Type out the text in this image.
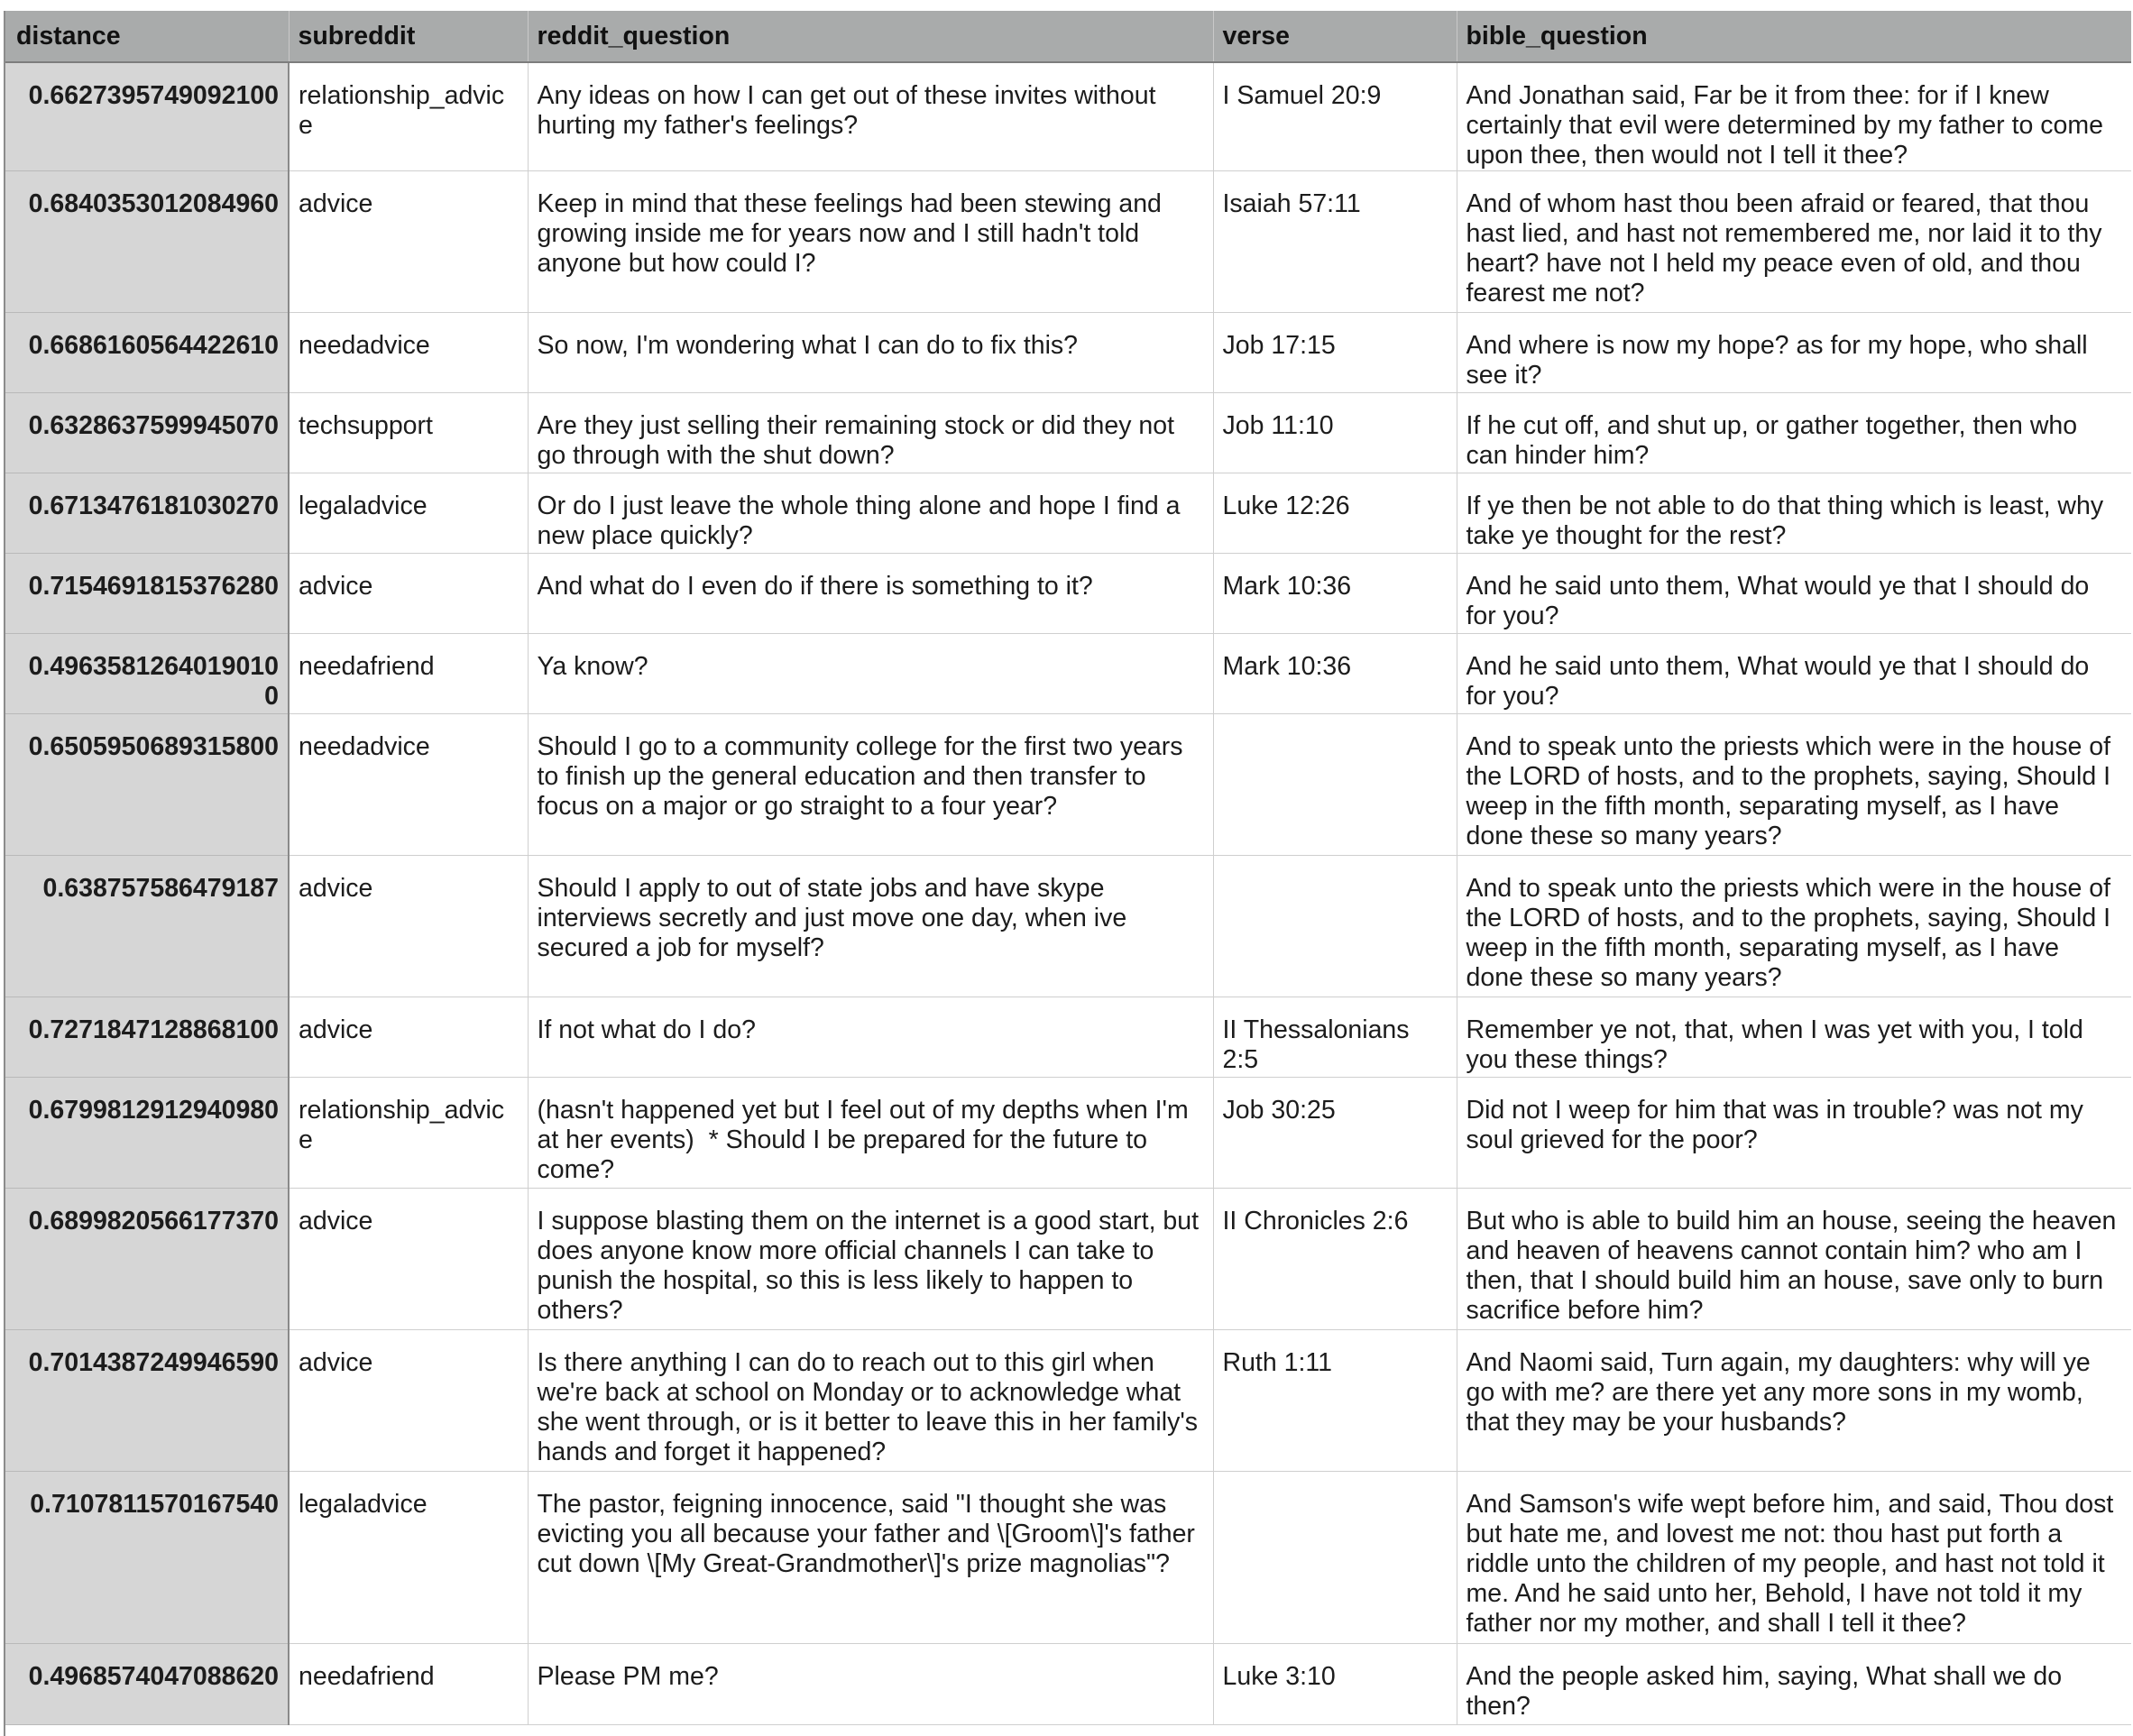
distance	subreddit	reddit_question	verse	bible_question
0.6627395749092100	relationship_advice	Any ideas on how I can get out of these invites without hurting my father's feelings?	I Samuel 20:9	And Jonathan said, Far be it from thee: for if I knew certainly that evil were determined by my father to come upon thee, then would not I tell it thee?
0.6840353012084960	advice	Keep in mind that these feelings had been stewing and growing inside me for years now and I still hadn't told anyone but how could I?	Isaiah 57:11	And of whom hast thou been afraid or feared, that thou hast lied, and hast not remembered me, nor laid it to thy heart? have not I held my peace even of old, and thou fearest me not?
0.6686160564422610	needadvice	So now, I'm wondering what I can do to fix this?	Job 17:15	And where is now my hope? as for my hope, who shall see it?
0.6328637599945070	techsupport	Are they just selling their remaining stock or did they not go through with the shut down?	Job 11:10	If he cut off, and shut up, or gather together, then who can hinder him?
0.6713476181030270	legaladvice	Or do I just leave the whole thing alone and hope I find a new place quickly?	Luke 12:26	If ye then be not able to do that thing which is least, why take ye thought for the rest?
0.7154691815376280	advice	And what do I even do if there is something to it?	Mark 10:36	And he said unto them, What would ye that I should do for you?
0.49635812640190100	needafriend	Ya know?	Mark 10:36	And he said unto them, What would ye that I should do for you?
0.6505950689315800	needadvice	Should I go to a community college for the first two years to finish up the general education and then transfer to focus on a major or go straight to a four year?		And to speak unto the priests which were in the house of the LORD of hosts, and to the prophets, saying, Should I weep in the fifth month, separating myself, as I have done these so many years?
0.638757586479187	advice	Should I apply to out of state jobs and have skype interviews secretly and just move one day, when ive secured a job for myself?		And to speak unto the priests which were in the house of the LORD of hosts, and to the prophets, saying, Should I weep in the fifth month, separating myself, as I have done these so many years?
0.7271847128868100	advice	If not what do I do?	II Thessalonians 2:5	Remember ye not, that, when I was yet with you, I told you these things?
0.6799812912940980	relationship_advice	(hasn't happened yet but I feel out of my depths when I'm at her events)  * Should I be prepared for the future to come?	Job 30:25	Did not I weep for him that was in trouble? was not my soul grieved for the poor?
0.6899820566177370	advice	I suppose blasting them on the internet is a good start, but does anyone know more official channels I can take to punish the hospital, so this is less likely to happen to others?	II Chronicles 2:6	But who is able to build him an house, seeing the heaven and heaven of heavens cannot contain him? who am I then, that I should build him an house, save only to burn sacrifice before him?
0.7014387249946590	advice	Is there anything I can do to reach out to this girl when we're back at school on Monday or to acknowledge what she went through, or is it better to leave this in her family's hands and forget it happened?	Ruth 1:11	And Naomi said, Turn again, my daughters: why will ye go with me? are there yet any more sons in my womb, that they may be your husbands?
0.7107811570167540	legaladvice	The pastor, feigning innocence, said "I thought she was evicting you all because your father and \[Groom\]'s father cut down \[My Great-Grandmother\]'s prize magnolias"?		And Samson's wife wept before him, and said, Thou dost but hate me, and lovest me not: thou hast put forth a riddle unto the children of my people, and hast not told it me. And he said unto her, Behold, I have not told it my father nor my mother, and shall I tell it thee?
0.4968574047088620	needafriend	Please PM me?	Luke 3:10	And the people asked him, saying, What shall we do then?
